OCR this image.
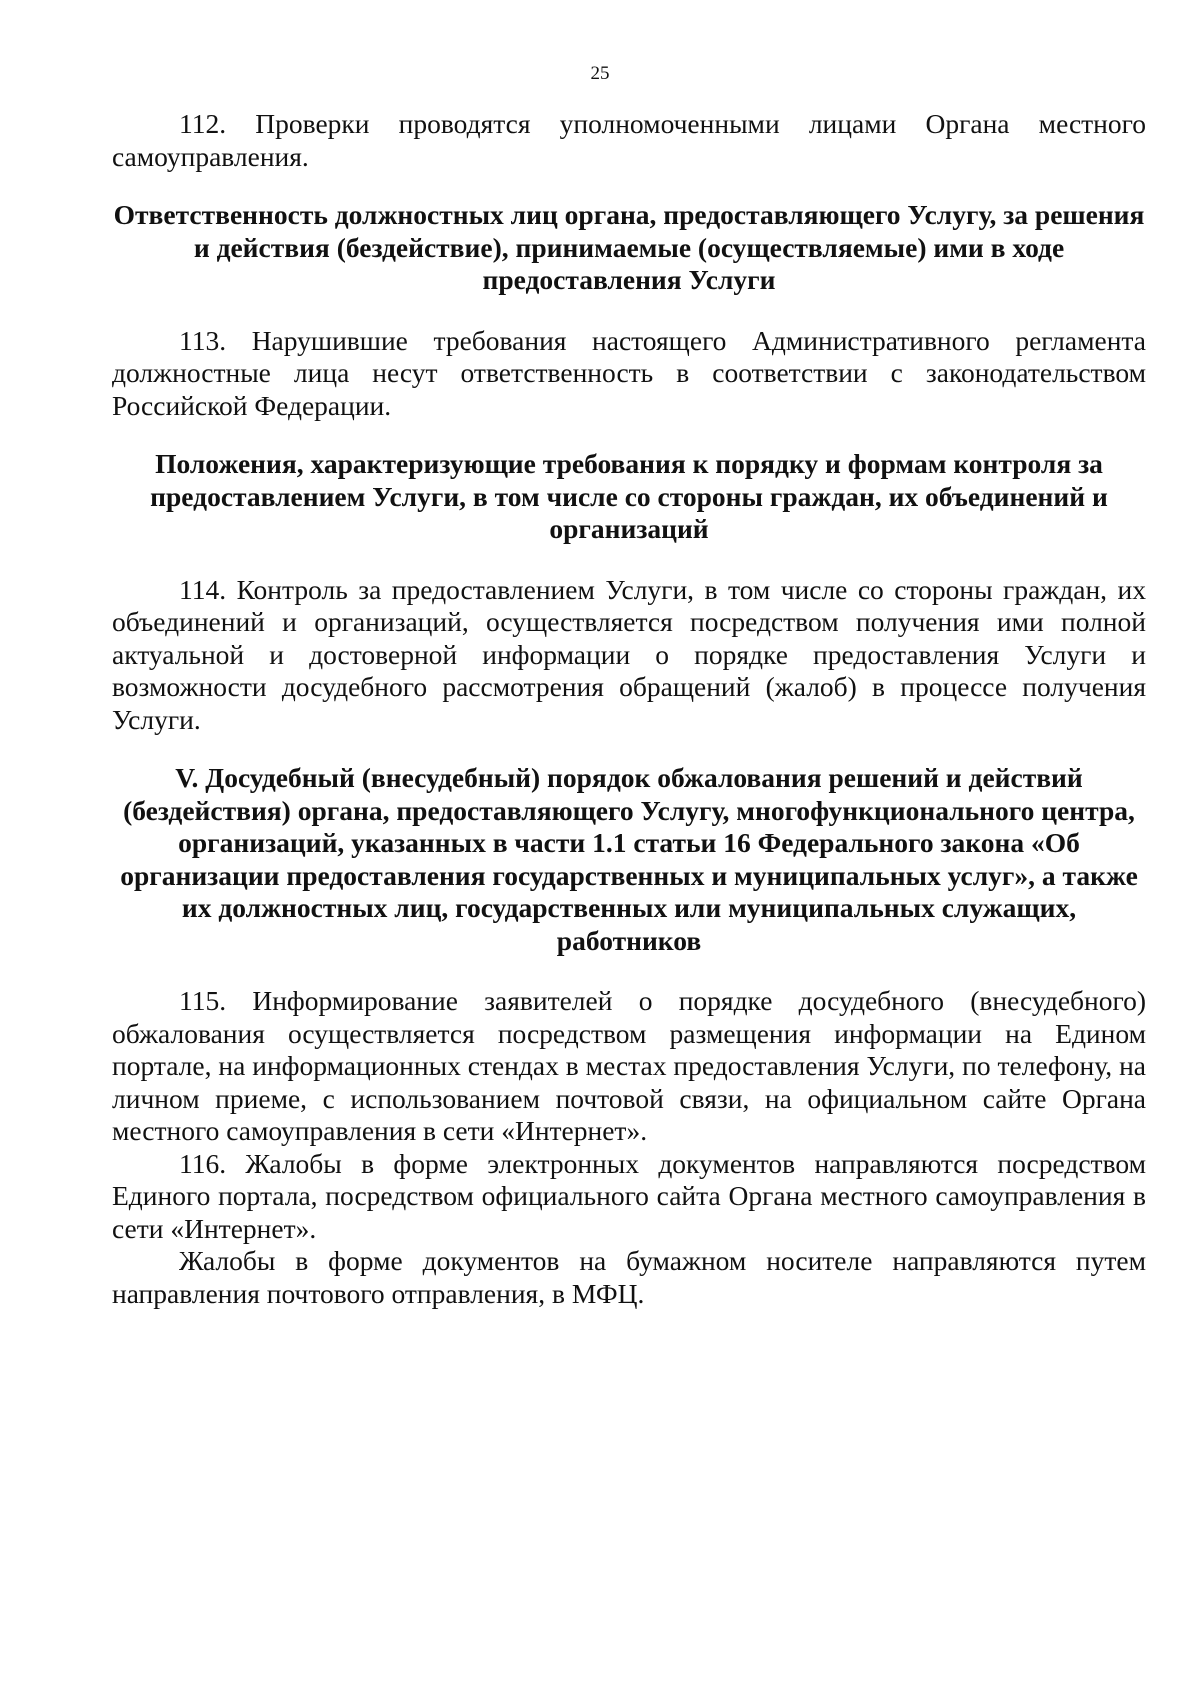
25

112. Проверки проводятся уполномоченными лицами Органа местного самоуправления.

Ответственность должностных лиц органа, предоставляющего Услугу, за решения и действия (бездействие), принимаемые (осуществляемые) ими в ходе предоставления Услуги

113. Нарушившие требования настоящего Административного регламента должностные лица несут ответственность в соответствии с законодательством Российской Федерации.

Положения, характеризующие требования к порядку и формам контроля за предоставлением Услуги, в том числе со стороны граждан, их объединений и организаций

114. Контроль за предоставлением Услуги, в том числе со стороны граждан, их объединений и организаций, осуществляется посредством получения ими полной актуальной и достоверной информации о порядке предоставления Услуги и возможности досудебного рассмотрения обращений (жалоб) в процессе получения Услуги.

V. Досудебный (внесудебный) порядок обжалования решений и действий (бездействия) органа, предоставляющего Услугу, многофункционального центра, организаций, указанных в части 1.1 статьи 16 Федерального закона «Об организации предоставления государственных и муниципальных услуг», а также их должностных лиц, государственных или муниципальных служащих, работников

115. Информирование заявителей о порядке досудебного (внесудебного) обжалования осуществляется посредством размещения информации на Едином портале, на информационных стендах в местах предоставления Услуги, по телефону, на личном приеме, с использованием почтовой связи, на официальном сайте Органа местного самоуправления в сети «Интернет».

116. Жалобы в форме электронных документов направляются посредством Единого портала, посредством официального сайта Органа местного самоуправления в сети «Интернет».

Жалобы в форме документов на бумажном носителе направляются путем направления почтового отправления, в МФЦ.
